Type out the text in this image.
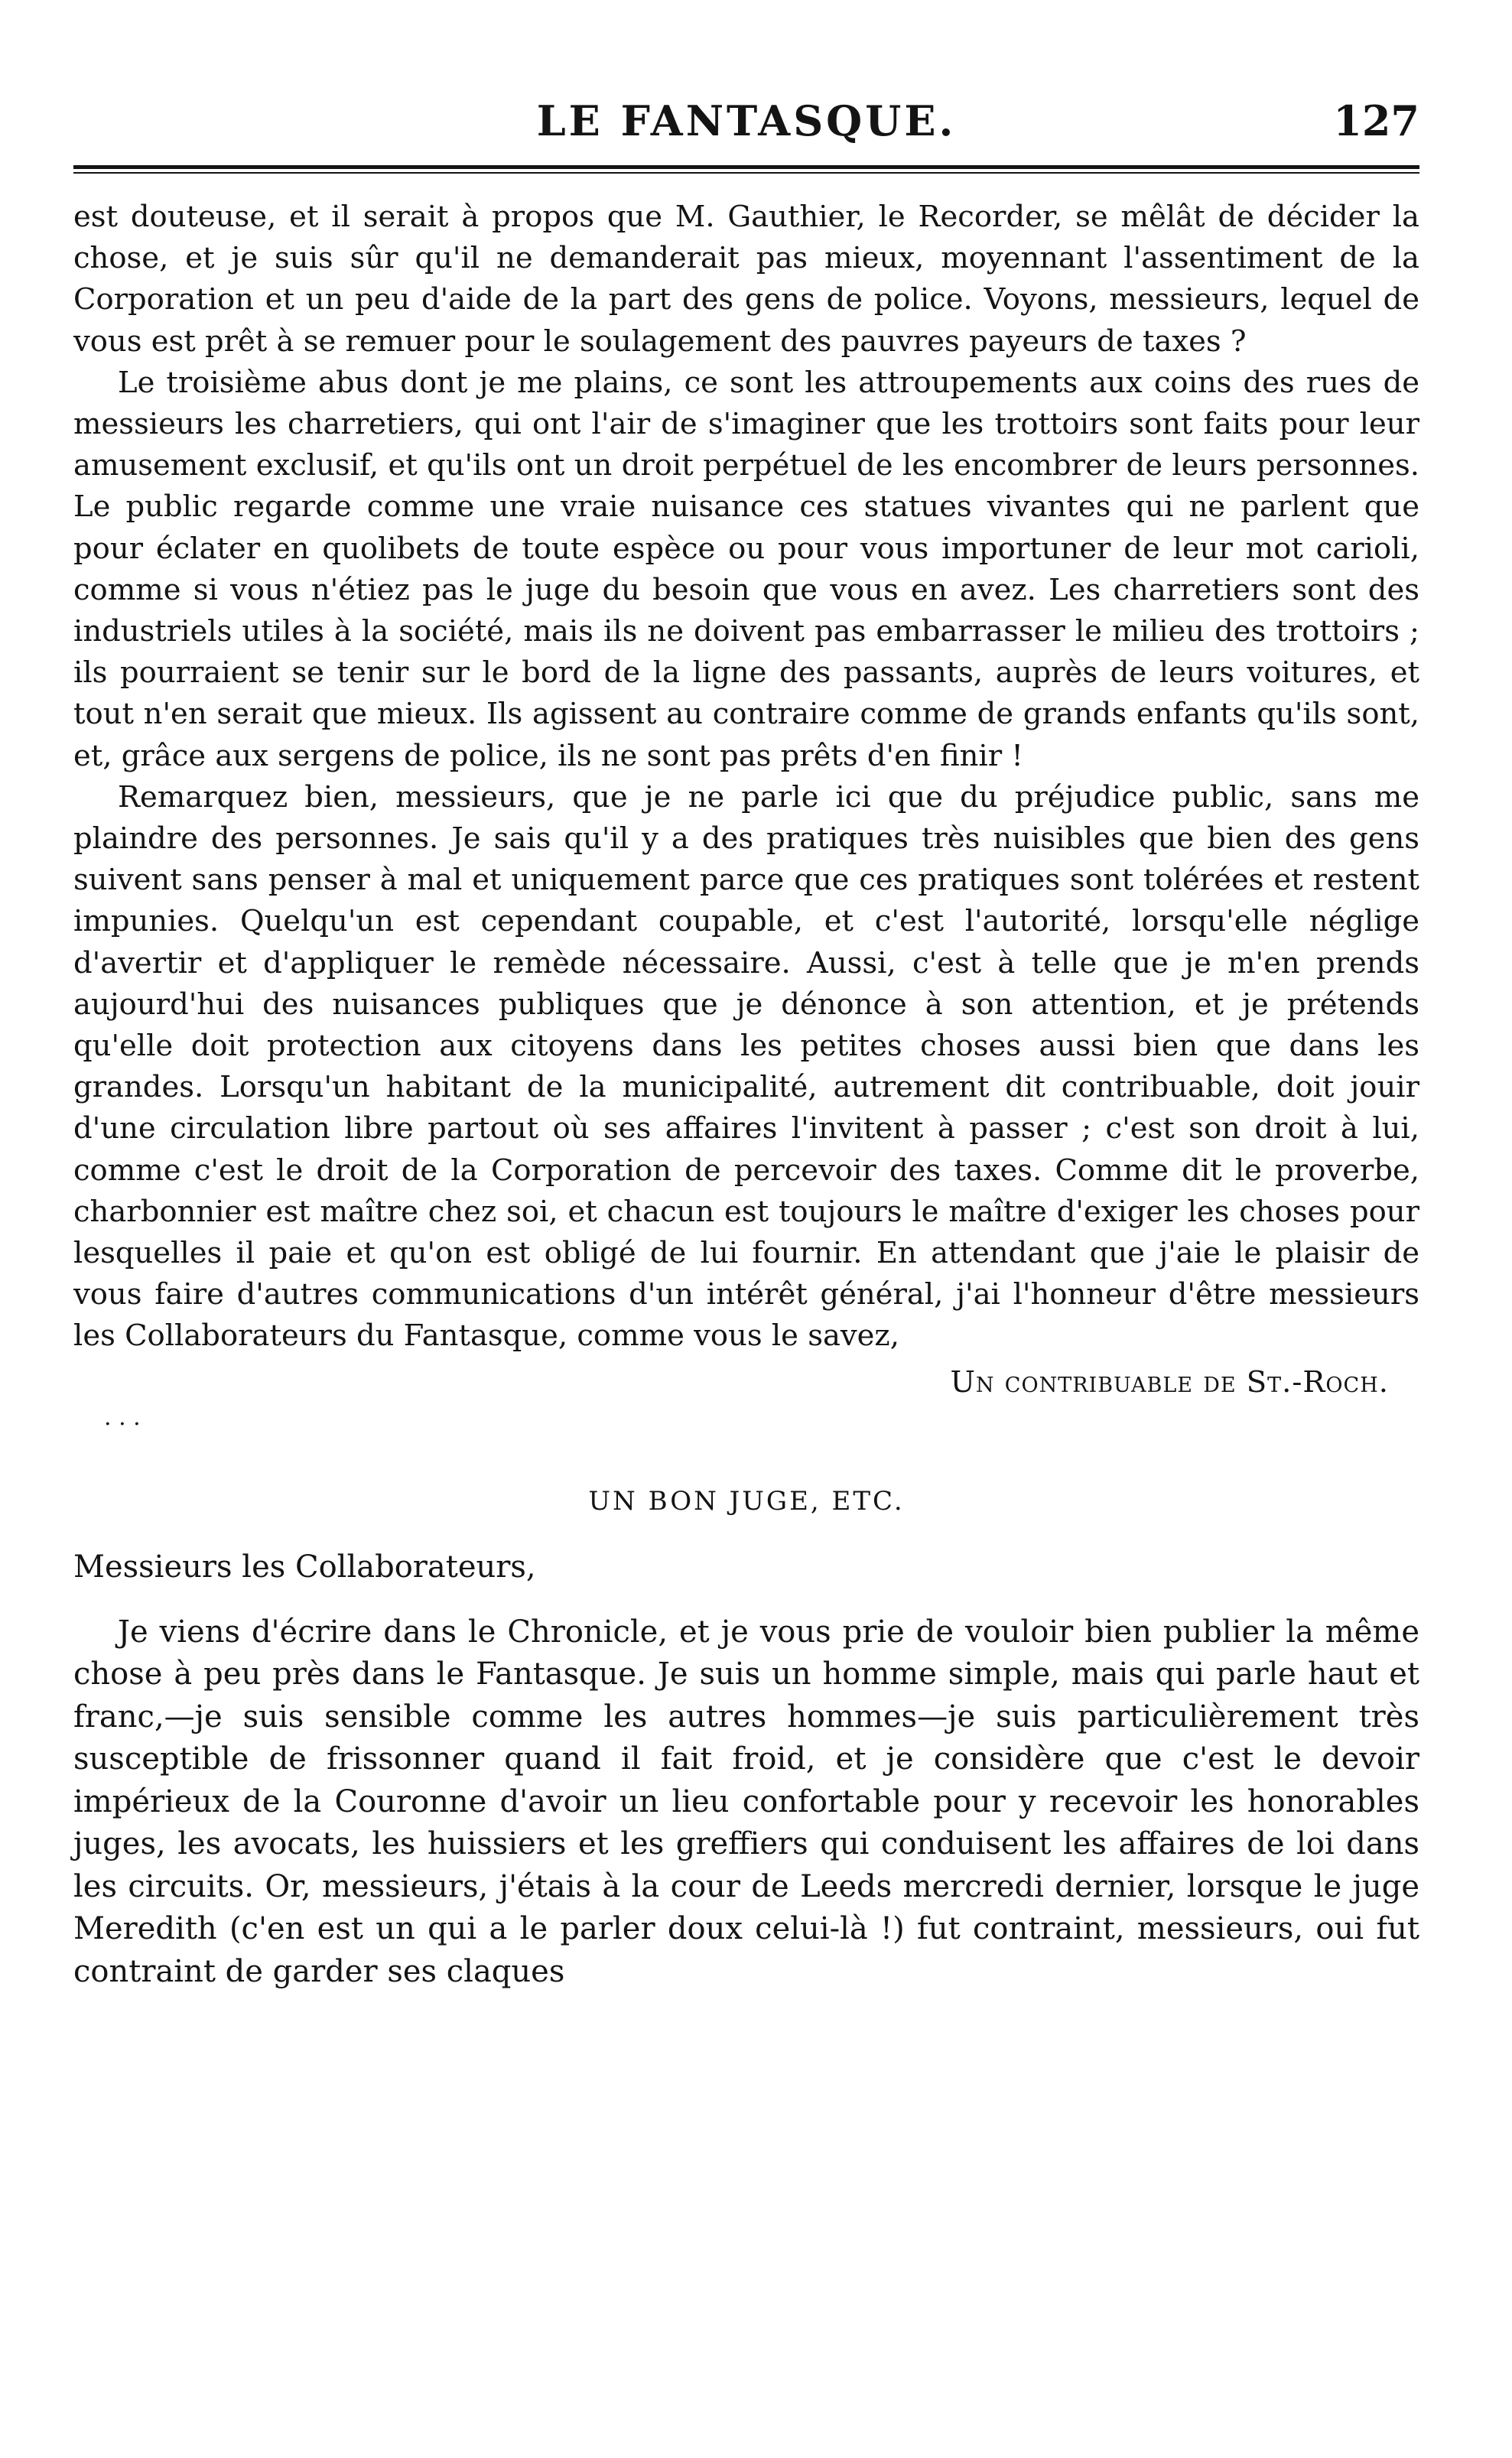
LE FANTASQUE.	127

est douteuse, et il serait à propos que M. Gauthier, le Recorder, se mêlât de décider la chose, et je suis sûr qu'il ne demanderait pas mieux, moyennant l'assentiment de la Corporation et un peu d'aide de la part des gens de police. Voyons, messieurs, lequel de vous est prêt à se remuer pour le soulagement des pauvres payeurs de taxes ?

Le troisième abus dont je me plains, ce sont les attroupements aux coins des rues de messieurs les charretiers, qui ont l'air de s'imaginer que les trottoirs sont faits pour leur amusement exclusif, et qu'ils ont un droit perpétuel de les encombrer de leurs personnes. Le public regarde comme une vraie nuisance ces statues vivantes qui ne parlent que pour éclater en quolibets de toute espèce ou pour vous importuner de leur mot carioli, comme si vous n'étiez pas le juge du besoin que vous en avez. Les charretiers sont des industriels utiles à la société, mais ils ne doivent pas embarrasser le milieu des trottoirs ; ils pourraient se tenir sur le bord de la ligne des passants, auprès de leurs voitures, et tout n'en serait que mieux. Ils agissent au contraire comme de grands enfants qu'ils sont, et, grâce aux sergens de police, ils ne sont pas prêts d'en finir !

Remarquez bien, messieurs, que je ne parle ici que du préjudice public, sans me plaindre des personnes. Je sais qu'il y a des pratiques très nuisibles que bien des gens suivent sans penser à mal et uniquement parce que ces pratiques sont tolérées et restent impunies. Quelqu'un est cependant coupable, et c'est l'autorité, lorsqu'elle néglige d'avertir et d'appliquer le remède nécessaire. Aussi, c'est à telle que je m'en prends aujourd'hui des nuisances publiques que je dénonce à son attention, et je prétends qu'elle doit protection aux citoyens dans les petites choses aussi bien que dans les grandes. Lorsqu'un habitant de la municipalité, autrement dit contribuable, doit jouir d'une circulation libre partout où ses affaires l'invitent à passer ; c'est son droit à lui, comme c'est le droit de la Corporation de percevoir des taxes. Comme dit le proverbe, charbonnier est maître chez soi, et chacun est toujours le maître d'exiger les choses pour lesquelles il paie et qu'on est obligé de lui fournir. En attendant que j'aie le plaisir de vous faire d'autres communications d'un intérêt général, j'ai l'honneur d'être messieurs les Collaborateurs du Fantasque, comme vous le savez,

Un contribuable de St.-Roch.
. . .
UN BON JUGE, ETC.
Messieurs les Collaborateurs,

Je viens d'écrire dans le Chronicle, et je vous prie de vouloir bien publier la même chose à peu près dans le Fantasque. Je suis un homme simple, mais qui parle haut et franc,—je suis sensible comme les autres hommes—je suis particulièrement très susceptible de frissonner quand il fait froid, et je considère que c'est le devoir impérieux de la Couronne d'avoir un lieu confortable pour y recevoir les honorables juges, les avocats, les huissiers et les greffiers qui conduisent les affaires de loi dans les circuits. Or, messieurs, j'étais à la cour de Leeds mercredi dernier, lorsque le juge Meredith (c'en est un qui a le parler doux celui-là !) fut contraint, messieurs, oui fut contraint de garder ses claques
